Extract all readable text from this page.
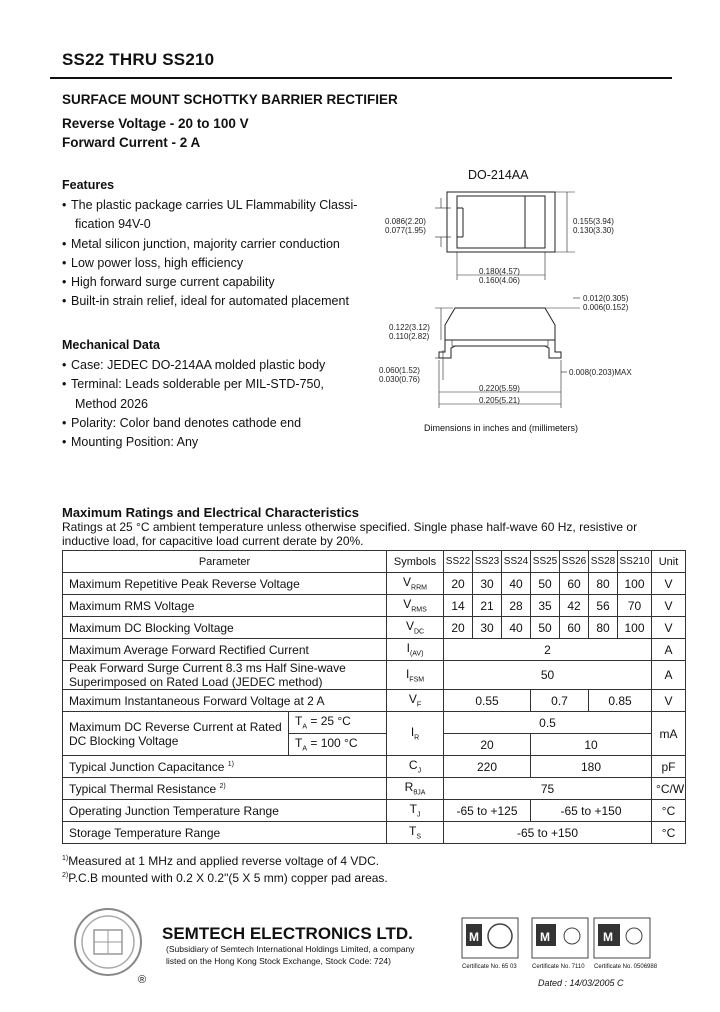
SS22 THRU SS210
SURFACE MOUNT SCHOTTKY BARRIER RECTIFIER
Reverse Voltage - 20 to 100 V
Forward Current - 2 A
Features
• The plastic package carries UL Flammability Classi-
fication 94V-0
• Metal silicon junction, majority carrier conduction
• Low power loss, high efficiency
• High forward surge current capability
• Built-in strain relief, ideal for automated placement
Mechanical Data
• Case: JEDEC DO-214AA molded plastic body
• Terminal: Leads solderable per MIL-STD-750,
Method 2026
• Polarity: Color band denotes cathode end
• Mounting Position: Any
DO-214AA
0.086(2.20)
0.077(1.95)
0.155(3.94)
0.130(3.30)
0.180(4.57)
0.160(4.06)
0.122(3.12)
0.110(2.82)
0.012(0.305)
0.006(0.152)
0.060(1.52)
0.030(0.76)
0.008(0.203)MAX
0.220(5.59)
0.205(5.21)
Dimensions in inches and (millimeters)
Maximum Ratings and Electrical Characteristics
Ratings at 25 °C ambient temperature unless otherwise specified. Single phase half-wave 60 Hz, resistive or inductive load, for capacitive load current derate by 20%.
Parameter		Symbols	SS22	SS23	SS24	SS25	SS26	SS28	SS210	Unit
Maximum Repetitive Peak Reverse Voltage		$V_{RRM}$	20	30	40	50	60	80	100	V
Maximum RMS Voltage		$V_{RMS}$	14	21	28	35	42	56	70	V
Maximum DC Blocking Voltage		$V_{DC}$	20	30	40	50	60	80	100	V
Maximum Average Forward Rectified Current		$I_{(AV)}$	2							A

Peak Forward Surge Current 8.3 ms Half Sine-wave
Superimposed on Rated Load (JEDEC method)		$I_{FSM}$	50							A
Maximum Instantaneous Forward Voltage at 2 A		$V_F$	0.55			0.7		0.85		V

Maximum DC Reverse Current at Rated
DC Blocking Voltage	$T_A = 25$ °C	$I_R$	0.5							mA
	$T_A = 100$ °C		20			10				
Typical Junction Capacitance $^{1)}$		$C_J$	220			180				pF
Typical Thermal Resistance $^{2)}$		$R_{\theta JA}$	75							°C/W
Operating Junction Temperature Range		$T_J$	-65 to +125			-65 to +150				°C
Storage Temperature Range		$T_S$	-65 to +150							°C
$^{1)}$Measured at 1 MHz and applied reverse voltage of 4 VDC.
$^{2)}$P.C.B mounted with 0.2 X 0.2"(5 X 5 mm) copper pad areas.
SEMTECH ELECTRONICS LTD.
(Subsidiary of Semtech International Holdings Limited, a company
listed on the Hong Kong Stock Exchange, Stock Code: 724)
®
M	M	M
Certificate No. 65 03	Certificate No. 7110 Certificate No. 0506988
Dated : 14/03/2005 C
